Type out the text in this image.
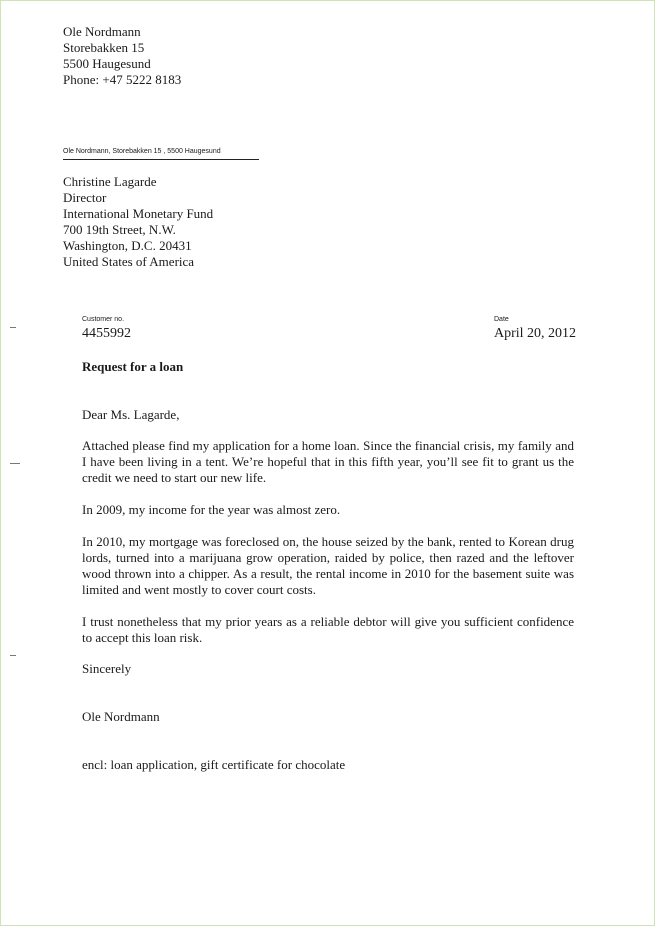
Ole Nordmann
Storebakken 15
5500 Haugesund
Phone: +47 5222 8183
Ole Nordmann, Storebakken 15 , 5500 Haugesund
Christine Lagarde
Director
International Monetary Fund
700 19th Street, N.W.
Washington, D.C. 20431
United States of America
Customer no.
4455992
Date
April 20, 2012
Request for a loan
Dear Ms. Lagarde,
Attached please find my application for a home loan. Since the financial crisis, my family and I have been living in a tent. We’re hopeful that in this fifth year, you’ll see fit to grant us the credit we need to start our new life.
In 2009, my income for the year was almost zero.
In 2010, my mortgage was foreclosed on, the house seized by the bank, rented to Korean drug lords, turned into a marijuana grow operation, raided by police, then razed and the leftover wood thrown into a chipper. As a result, the rental income in 2010 for the basement suite was limited and went mostly to cover court costs.
I trust nonetheless that my prior years as a reliable debtor will give you sufficient confidence to accept this loan risk.
Sincerely
Ole Nordmann
encl: loan application, gift certificate for chocolate
